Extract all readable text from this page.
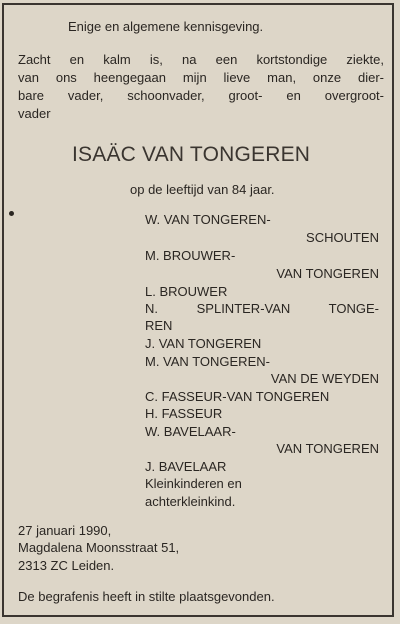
Enige en algemene kennisgeving.
Zacht en kalm is, na een kortstondige ziekte,
van ons heengegaan mijn lieve man, onze dier-
bare vader, schoonvader, groot- en overgroot-
vader
ISAÄC VAN TONGEREN
op de leeftijd van 84 jaar.
W. VAN TONGEREN-
SCHOUTEN
M. BROUWER-
VAN TONGEREN
L. BROUWER
N. SPLINTER-VAN TONGE-
REN
J. VAN TONGEREN
M. VAN TONGEREN-
VAN DE WEYDEN
C. FASSEUR-VAN TONGEREN
H. FASSEUR
W. BAVELAAR-
VAN TONGEREN
J. BAVELAAR
Kleinkinderen en
achterkleinkind.
27 januari 1990,
Magdalena Moonsstraat 51,
2313 ZC Leiden.
De begrafenis heeft in stilte plaatsgevonden.
